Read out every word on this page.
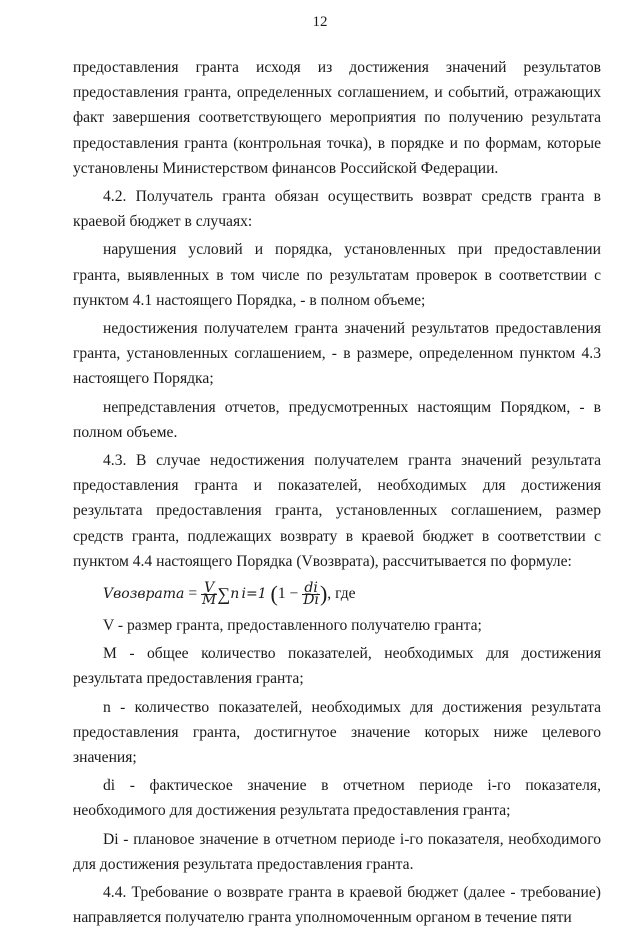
12

предоставления гранта исходя из достижения значений результатов предоставления гранта, определенных соглашением, и событий, отражающих факт завершения соответствующего мероприятия по получению результата предоставления гранта (контрольная точка), в порядке и по формам, которые установлены Министерством финансов Российской Федерации.

4.2. Получатель гранта обязан осуществить возврат средств гранта в краевой бюджет в случаях:

нарушения условий и порядка, установленных при предоставлении гранта, выявленных в том числе по результатам проверок в соответствии с пунктом 4.1 настоящего Порядка, - в полном объеме;

недостижения получателем гранта значений результатов предоставления гранта, установленных соглашением, - в размере, определенном пунктом 4.3 настоящего Порядка;

непредставления отчетов, предусмотренных настоящим Порядком, - в полном объеме.

4.3. В случае недостижения получателем гранта значений результата предоставления гранта и показателей, необходимых для достижения результата предоставления гранта, установленных соглашением, размер средств гранта, подлежащих возврату в краевой бюджет в соответствии с пунктом 4.4 настоящего Порядка (Vвозврата), рассчитывается по формуле:

Vвозврата = $\frac{V}{M} \sum n$ i=1 ($1 - \frac{di}{Di}$ ), где

V - размер гранта, предоставленного получателю гранта;

M - общее количество показателей, необходимых для достижения результата предоставления гранта;

n - количество показателей, необходимых для достижения результата предоставления гранта, достигнутое значение которых ниже целевого значения;

di - фактическое значение в отчетном периоде i-го показателя, необходимого для достижения результата предоставления гранта;

Di - плановое значение в отчетном периоде i-го показателя, необходимого для достижения результата предоставления гранта.

4.4. Требование о возврате гранта в краевой бюджет (далее - требование) направляется получателю гранта уполномоченным органом в течение пяти
